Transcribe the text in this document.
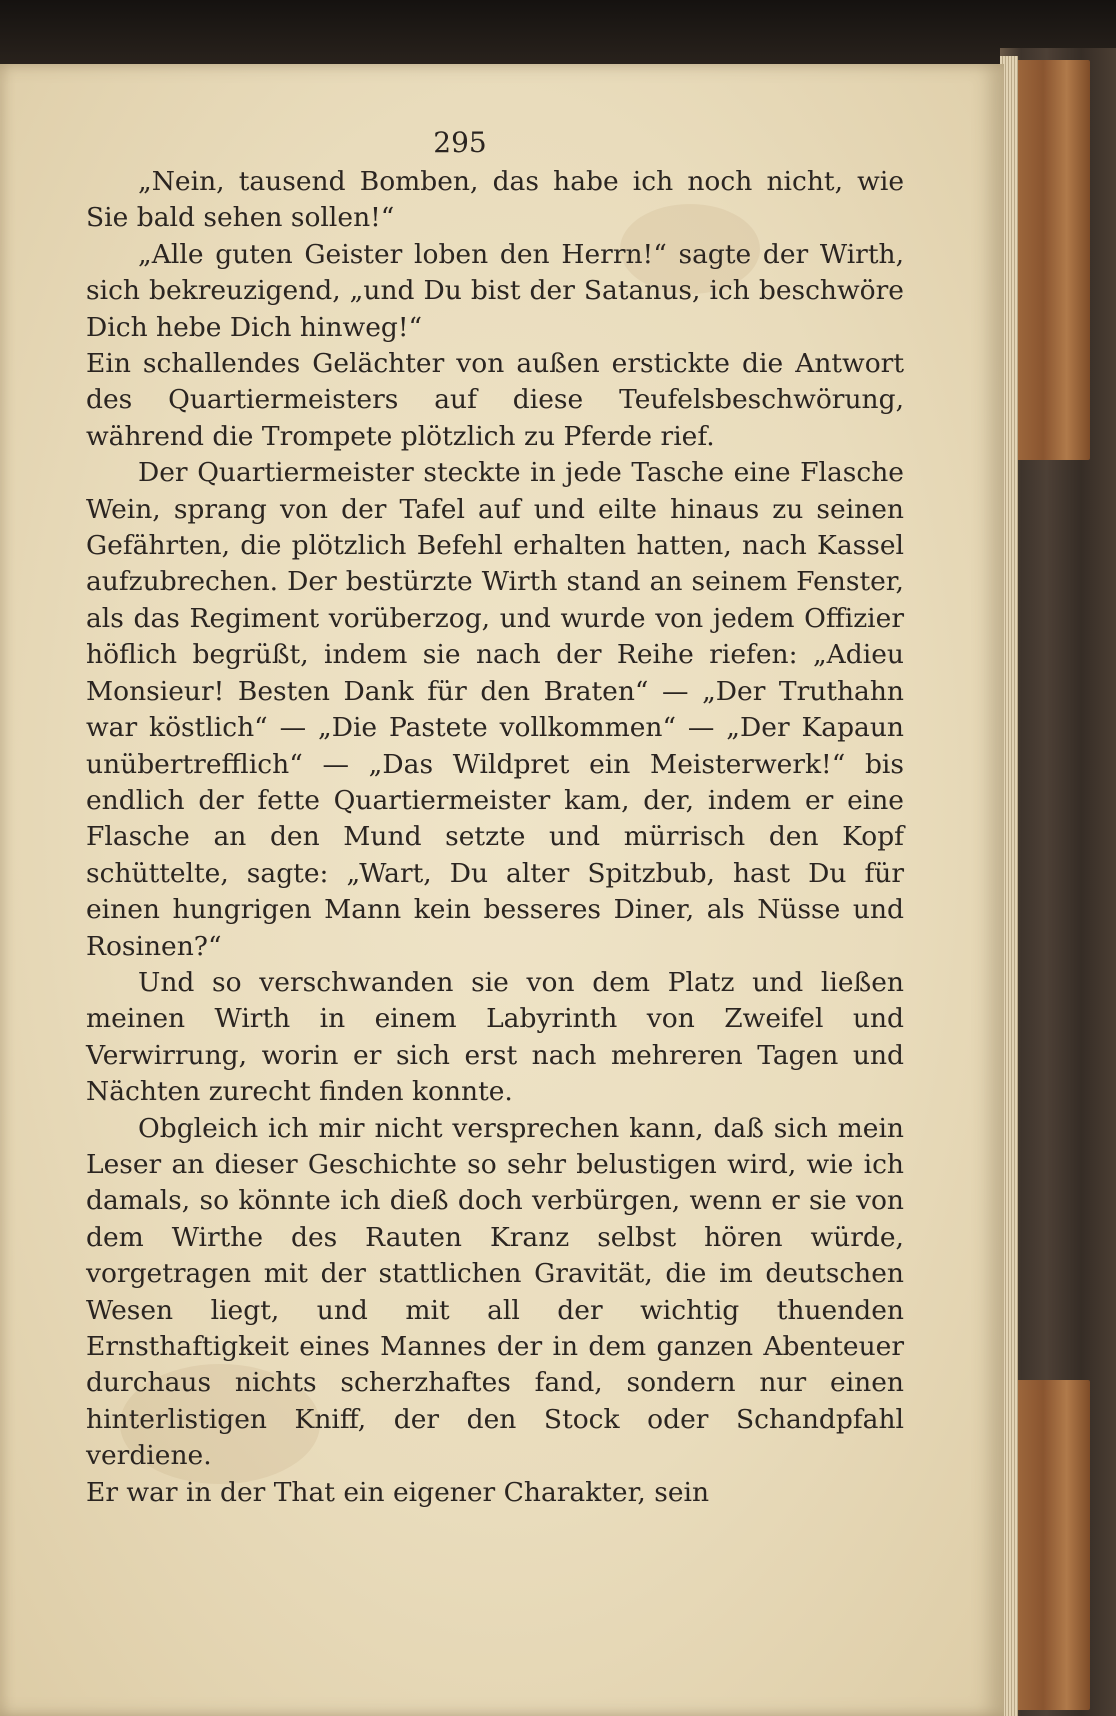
295

„Nein, tausend Bomben, das habe ich noch nicht, wie Sie bald sehen sollen!“

„Alle guten Geister loben den Herrn!“ sagte der Wirth, sich bekreuzigend, „und Du bist der Satanus, ich beschwöre Dich hebe Dich hinweg!“

Ein schallendes Gelächter von außen erstickte die Antwort des Quartiermeisters auf diese Teufelsbeschwörung, während die Trompete plötzlich zu Pferde rief.

Der Quartiermeister steckte in jede Tasche eine Flasche Wein, sprang von der Tafel auf und eilte hinaus zu seinen Gefährten, die plötzlich Befehl erhalten hatten, nach Kassel aufzubrechen. Der bestürzte Wirth stand an seinem Fenster, als das Regiment vorüberzog, und wurde von jedem Offizier höflich begrüßt, indem sie nach der Reihe riefen: „Adieu Monsieur! Besten Dank für den Braten“ — „Der Truthahn war köstlich“ — „Die Pastete vollkommen“ — „Der Kapaun unübertrefflich“ — „Das Wildpret ein Meisterwerk!“ bis endlich der fette Quartiermeister kam, der, indem er eine Flasche an den Mund setzte und mürrisch den Kopf schüttelte, sagte: „Wart, Du alter Spitzbub, hast Du für einen hungrigen Mann kein besseres Diner, als Nüsse und Rosinen?“

Und so verschwanden sie von dem Platz und ließen meinen Wirth in einem Labyrinth von Zweifel und Verwirrung, worin er sich erst nach mehreren Tagen und Nächten zurecht finden konnte.

Obgleich ich mir nicht versprechen kann, daß sich mein Leser an dieser Geschichte so sehr belustigen wird, wie ich damals, so könnte ich dieß doch verbürgen, wenn er sie von dem Wirthe des Rauten Kranz selbst hören würde, vorgetragen mit der stattlichen Gravität, die im deutschen Wesen liegt, und mit all der wichtig thuenden Ernsthaftigkeit eines Mannes der in dem ganzen Abenteuer durchaus nichts scherzhaftes fand, sondern nur einen hinterlistigen Kniff, der den Stock oder Schandpfahl verdiene.

Er war in der That ein eigener Charakter, sein
